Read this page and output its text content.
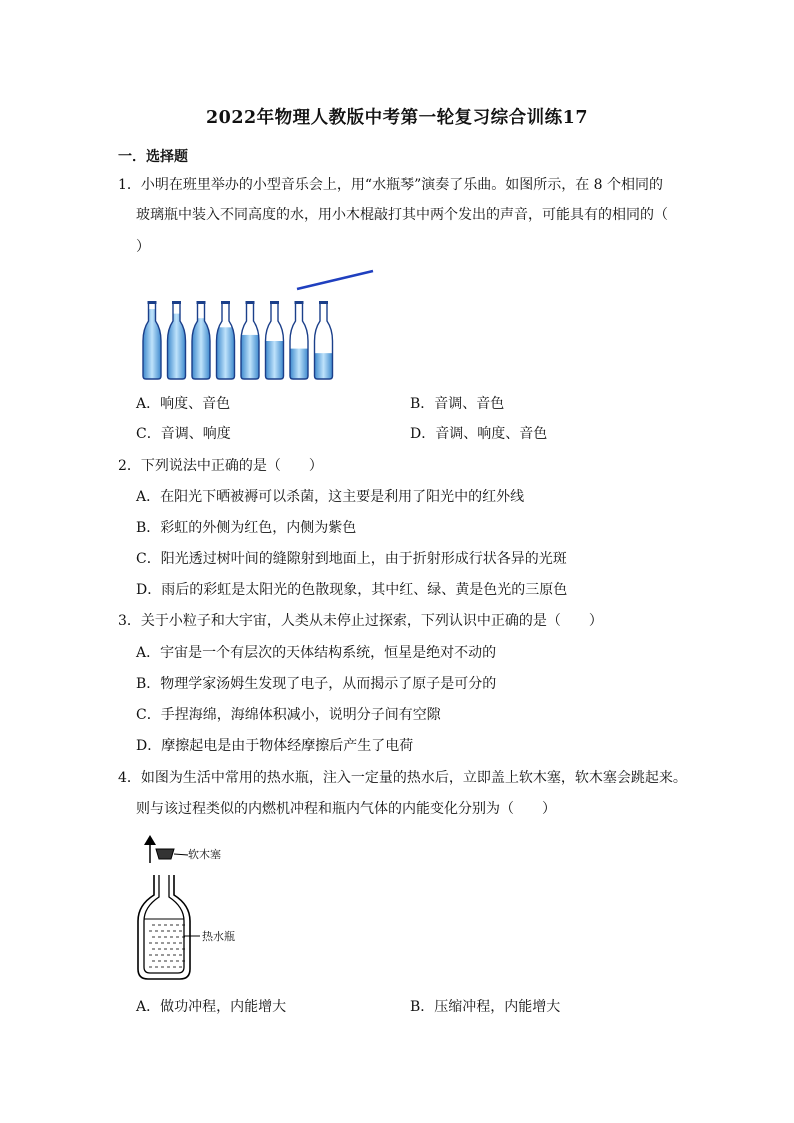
2022年物理人教版中考第一轮复习综合训练17
一．选择题
1．小明在班里举办的小型音乐会上，用“水瓶琴”演奏了乐曲。如图所示，在 8 个相同的
玻璃瓶中装入不同高度的水，用小木棍敲打其中两个发出的声音，可能具有的相同的（
）
A．响度、音色	B．音调、音色
C．音调、响度	D．音调、响度、音色
2．下列说法中正确的是（　　）
A．在阳光下晒被褥可以杀菌，这主要是利用了阳光中的红外线
B．彩虹的外侧为红色，内侧为紫色
C．阳光透过树叶间的缝隙射到地面上，由于折射形成行状各异的光斑
D．雨后的彩虹是太阳光的色散现象，其中红、绿、黄是色光的三原色
3．关于小粒子和大宇宙，人类从未停止过探索，下列认识中正确的是（　　）
A．宇宙是一个有层次的天体结构系统，恒星是绝对不动的
B．物理学家汤姆生发现了电子，从而揭示了原子是可分的
C．手捏海绵，海绵体积减小，说明分子间有空隙
D．摩擦起电是由于物体经摩擦后产生了电荷
4．如图为生活中常用的热水瓶，注入一定量的热水后，立即盖上软木塞，软木塞会跳起来。
则与该过程类似的内燃机冲程和瓶内气体的内能变化分别为（　　）
软木塞
热水瓶
A．做功冲程，内能增大	B．压缩冲程，内能增大
